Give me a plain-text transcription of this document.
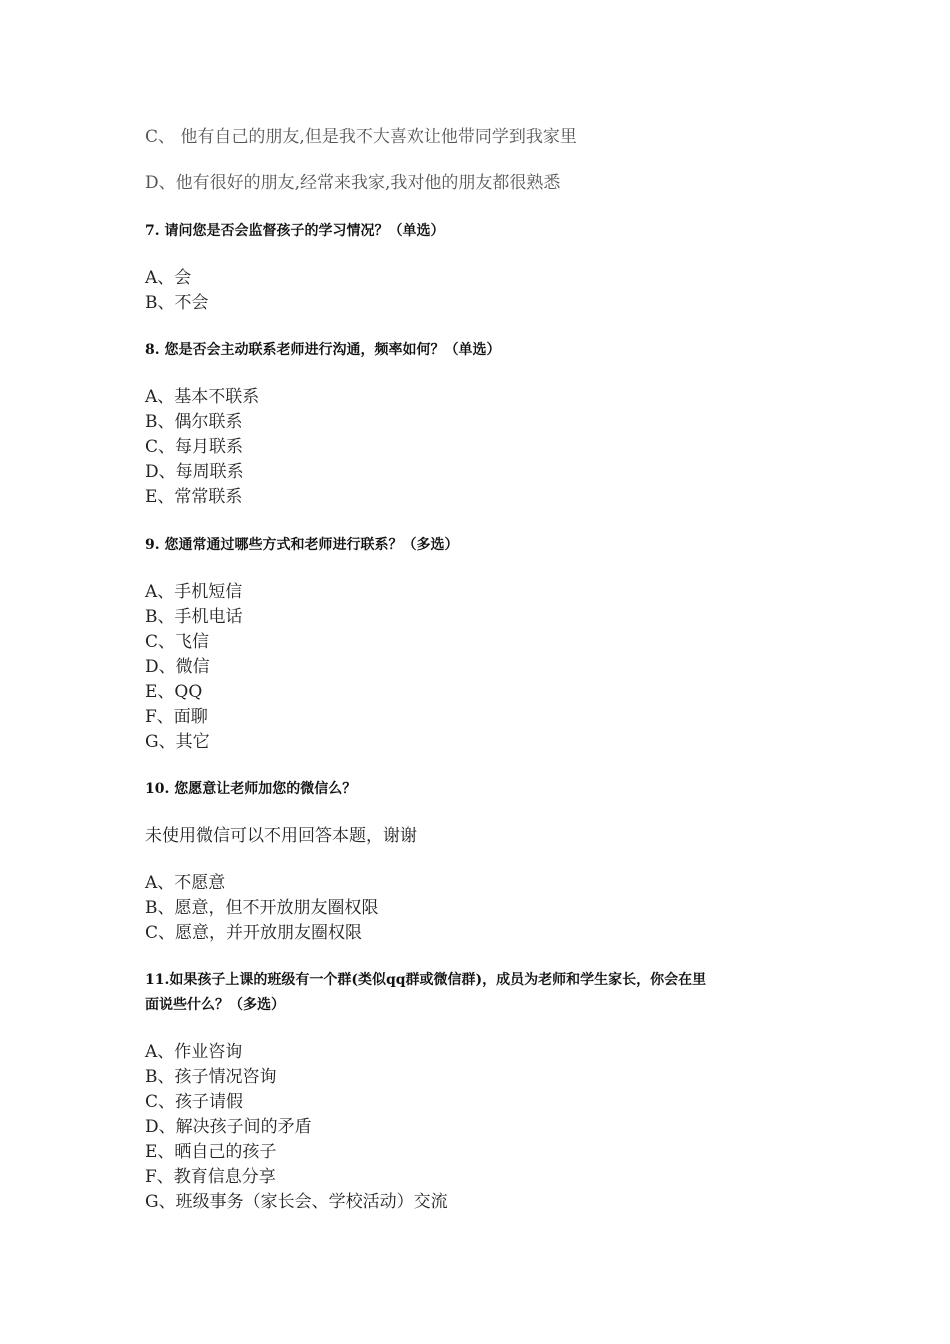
C、 他有自己的朋友,但是我不大喜欢让他带同学到我家里
D、他有很好的朋友,经常来我家,我对他的朋友都很熟悉
7. 请问您是否会监督孩子的学习情况？（单选）
A、会
B、不会
8. 您是否会主动联系老师进行沟通，频率如何？（单选）
A、基本不联系
B、偶尔联系
C、每月联系
D、每周联系
E、常常联系
9. 您通常通过哪些方式和老师进行联系？（多选）
A、手机短信
B、手机电话
C、飞信
D、微信
E、QQ
F、面聊
G、其它
10. 您愿意让老师加您的微信么？
未使用微信可以不用回答本题，谢谢
A、不愿意
B、愿意，但不开放朋友圈权限
C、愿意，并开放朋友圈权限
11.如果孩子上课的班级有一个群(类似qq群或微信群)，成员为老师和学生家长，你会在里
面说些什么？（多选）
A、作业咨询
B、孩子情况咨询
C、孩子请假
D、解决孩子间的矛盾
E、晒自己的孩子
F、教育信息分享
G、班级事务（家长会、学校活动）交流
